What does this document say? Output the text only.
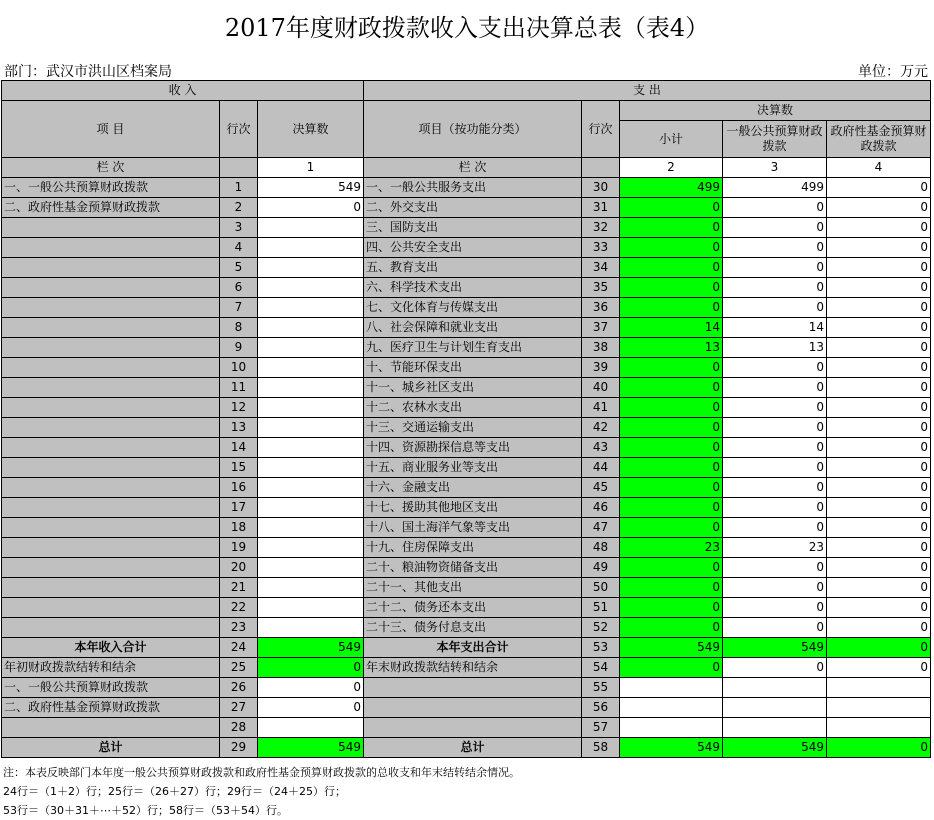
2017年度财政拨款收入支出决算总表（表4）
部门：武汉市洪山区档案局	单位：万元
收 入			支 出				
项 目	行次	决算数	项目（按功能分类）	行次	决算数		
					小计	一般公共预算财政拨款	政府性基金预算财政拨款
栏 次		1	栏 次		2	3	4
一、一般公共预算财政拨款	1	549	一、一般公共服务支出	30	499	499	0
二、政府性基金预算财政拨款	2	0	二、外交支出	31	0	0	0
	3		三、国防支出	32	0	0	0
	4		四、公共安全支出	33	0	0	0
	5		五、教育支出	34	0	0	0
	6		六、科学技术支出	35	0	0	0
	7		七、文化体育与传媒支出	36	0	0	0
	8		八、社会保障和就业支出	37	14	14	0
	9		九、医疗卫生与计划生育支出	38	13	13	0
	10		十、节能环保支出	39	0	0	0
	11		十一、城乡社区支出	40	0	0	0
	12		十二、农林水支出	41	0	0	0
	13		十三、交通运输支出	42	0	0	0
	14		十四、资源勘探信息等支出	43	0	0	0
	15		十五、商业服务业等支出	44	0	0	0
	16		十六、金融支出	45	0	0	0
	17		十七、援助其他地区支出	46	0	0	0
	18		十八、国土海洋气象等支出	47	0	0	0
	19		十九、住房保障支出	48	23	23	0
	20		二十、粮油物资储备支出	49	0	0	0
	21		二十一、其他支出	50	0	0	0
	22		二十二、债务还本支出	51	0	0	0
	23		二十三、债务付息支出	52	0	0	0
本年收入合计	24	549	本年支出合计	53	549	549	0
年初财政拨款结转和结余	25	0	年末财政拨款结转和结余	54	0	0	0
一、一般公共预算财政拨款	26	0		55			
二、政府性基金预算财政拨款	27	0		56			
	28			57			
总计	29	549	总计	58	549	549	0
注：本表反映部门本年度一般公共预算财政拨款和政府性基金预算财政拨款的总收支和年末结转结余情况。
24行＝（1＋2）行；25行＝（26＋27）行；29行＝（24＋25）行；
53行＝（30＋31＋⋯＋52）行；58行＝（53＋54）行。
